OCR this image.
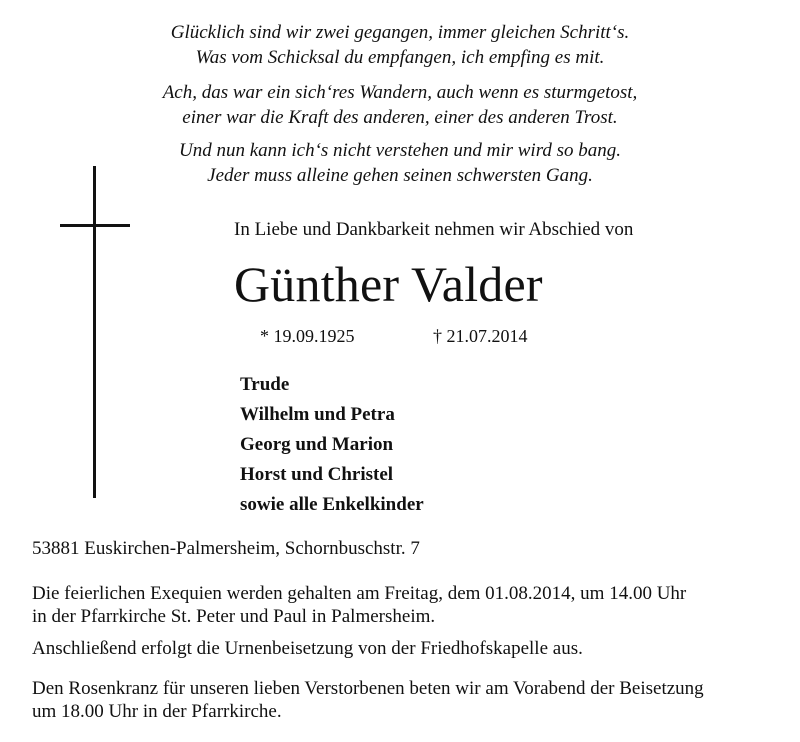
Glücklich sind wir zwei gegangen, immer gleichen Schritt‘s.
Was vom Schicksal du empfangen, ich empfing es mit.
Ach, das war ein sich‘res Wandern, auch wenn es sturmgetost,
einer war die Kraft des anderen, einer des anderen Trost.
Und nun kann ich‘s nicht verstehen und mir wird so bang.
Jeder muss alleine gehen seinen schwersten Gang.
In Liebe und Dankbarkeit nehmen wir Abschied von
Günther Valder
* 19.09.1925	† 21.07.2014
Trude
Wilhelm und Petra
Georg und Marion
Horst und Christel
sowie alle Enkelkinder
53881 Euskirchen-Palmersheim, Schornbuschstr. 7
Die feierlichen Exequien werden gehalten am Freitag, dem 01.08.2014, um 14.00 Uhr
in der Pfarrkirche St. Peter und Paul in Palmersheim.
Anschließend erfolgt die Urnenbeisetzung von der Friedhofskapelle aus.
Den Rosenkranz für unseren lieben Verstorbenen beten wir am Vorabend der Beisetzung
um 18.00 Uhr in der Pfarrkirche.
